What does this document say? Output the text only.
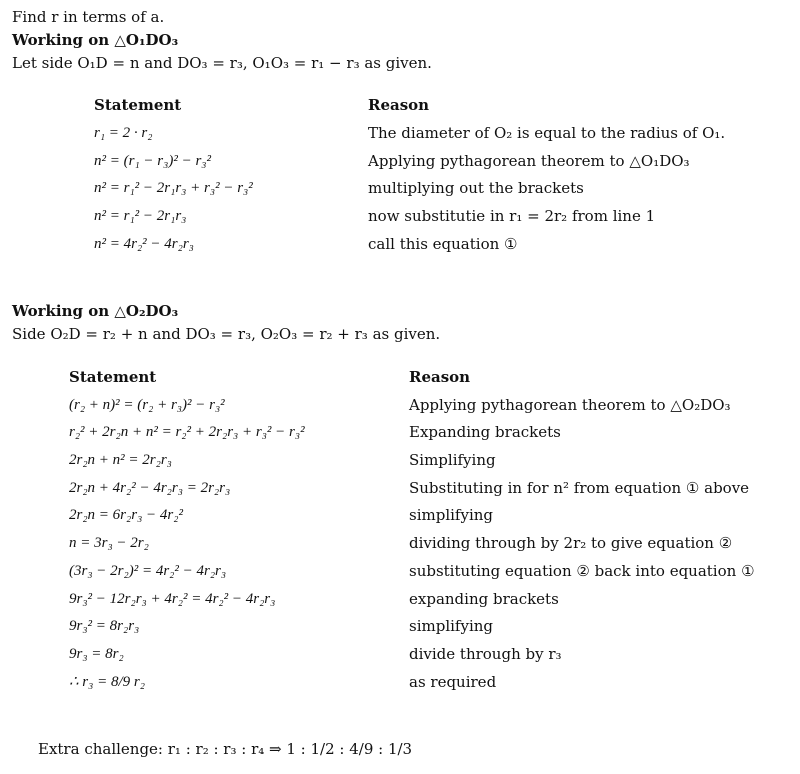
Find r in terms of a.
Working on △O₁DO₃
Let side O₁D = n and DO₃ = r₃, O₁O₃ = r₁ − r₃ as given.
Statement	Reason
r₁ = 2 · r₂	The diameter of O₂ is equal to the radius of O₁.
n² = (r₁ − r₃)² − r₃²	Applying pythagorean theorem to △O₁DO₃
n² = r₁² − 2r₁r₃ + r₃² − r₃²	multiplying out the brackets
n² = r₁² − 2r₁r₃	now substitutie in r₁ = 2r₂ from line 1
n² = 4r₂² − 4r₂r₃	call this equation ①
Working on △O₂DO₃
Side O₂D = r₂ + n and DO₃ = r₃, O₂O₃ = r₂ + r₃ as given.
Statement	Reason
(r₂ + n)² = (r₂ + r₃)² − r₃²	Applying pythagorean theorem to △O₂DO₃
r₂² + 2r₂n + n² = r₂² + 2r₂r₃ + r₃² − r₃²	Expanding brackets
2r₂n + n² = 2r₂r₃	Simplifying
2r₂n + 4r₂² − 4r₂r₃ = 2r₂r₃	Substituting in for n² from equation ① above
2r₂n = 6r₂r₃ − 4r₂²	simplifying
n = 3r₃ − 2r₂	dividing through by 2r₂ to give equation ②
(3r₃ − 2r₂)² = 4r₂² − 4r₂r₃	substituting equation ② back into equation ①
9r₃² − 12r₂r₃ + 4r₂² = 4r₂² − 4r₂r₃	expanding brackets
9r₃² = 8r₂r₃	simplifying
9r₃ = 8r₂	divide through by r₃
∴ r₃ = 8/9 r₂	as required
Extra challenge: r₁ : r₂ : r₃ : r₄ ⇒ 1 : 1/2 : 4/9 : 1/3
